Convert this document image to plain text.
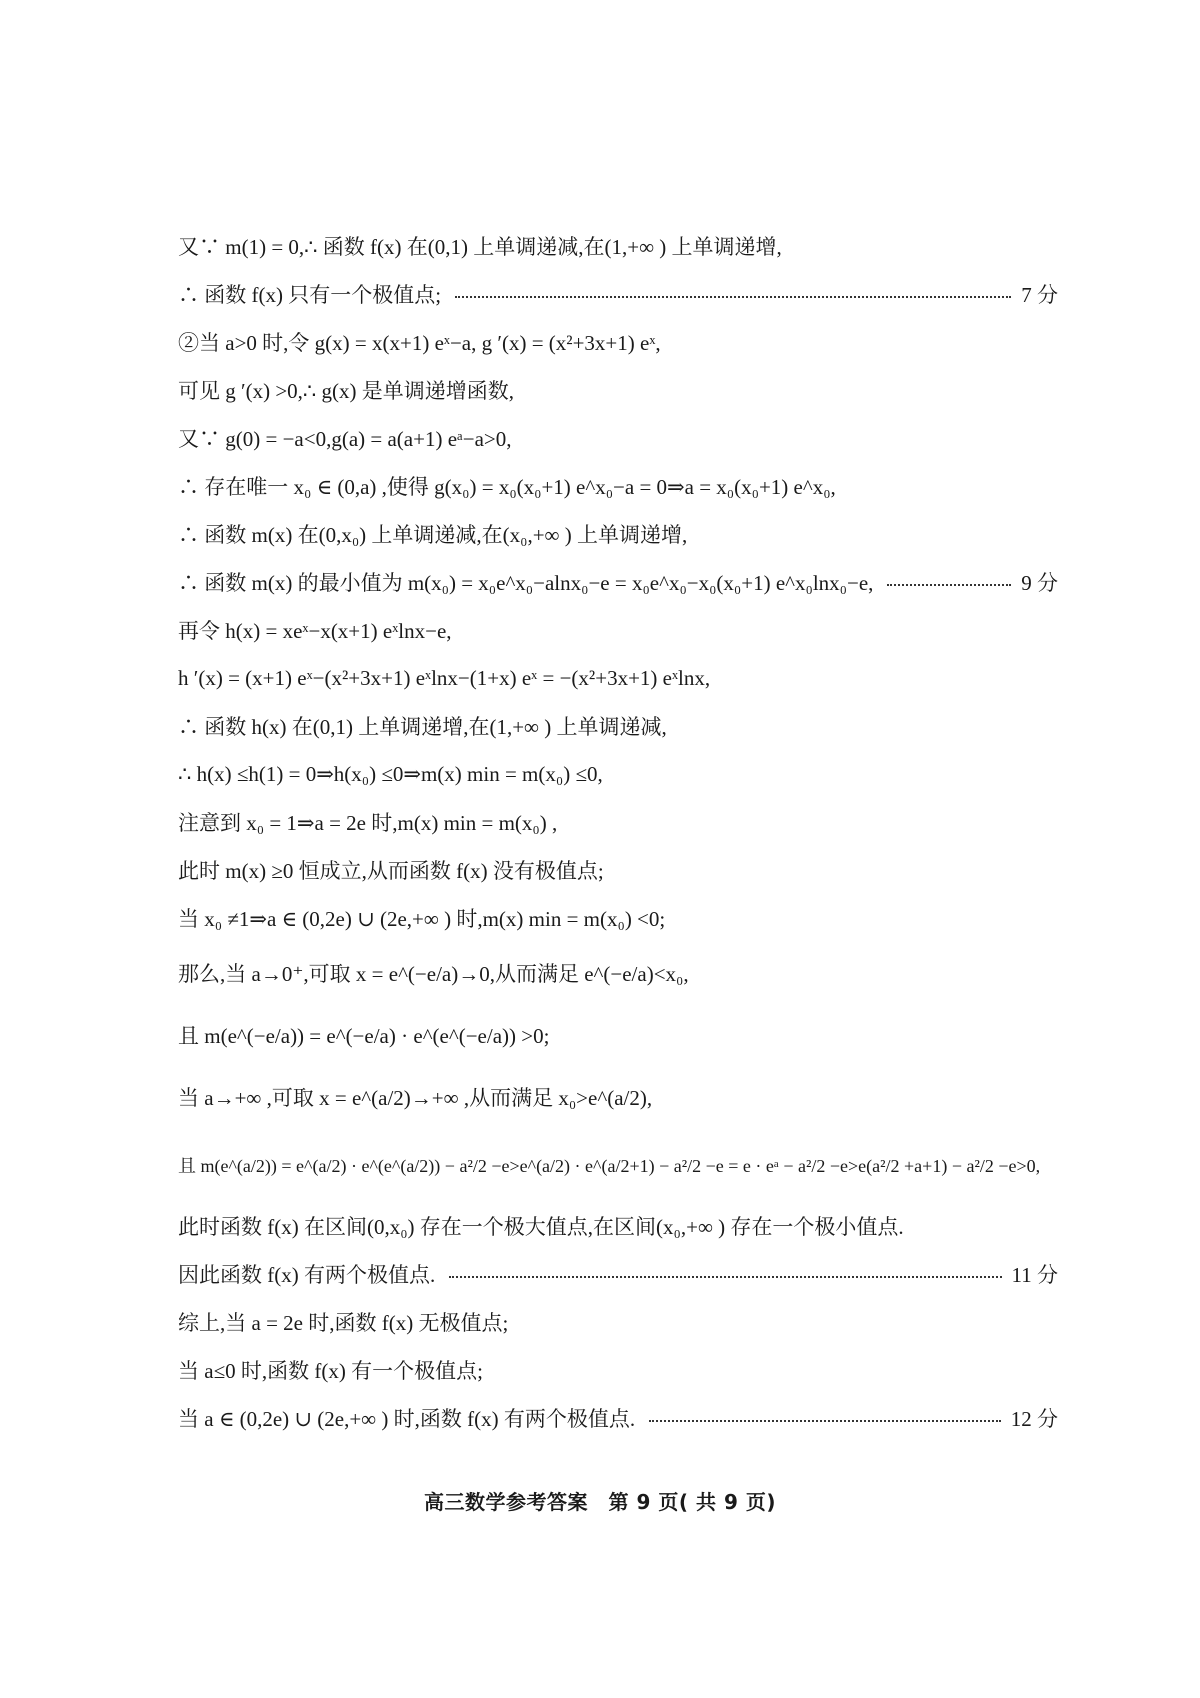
又∵ m(1) = 0,∴ 函数 f(x) 在(0,1) 上单调递减,在(1,+∞ ) 上单调递增,
∴ 函数 f(x) 只有一个极值点;	7 分
②当 a>0 时,令 g(x) = x(x+1) eˣ−a, g ′(x) = (x²+3x+1) eˣ,
可见 g ′(x) >0,∴ g(x) 是单调递增函数,
又∵ g(0) = −a<0,g(a) = a(a+1) eᵃ−a>0,
∴ 存在唯一 x₀ ∈ (0,a) ,使得 g(x₀) = x₀(x₀+1) e^x₀−a = 0⇒a = x₀(x₀+1) e^x₀,
∴ 函数 m(x) 在(0,x₀) 上单调递减,在(x₀,+∞ ) 上单调递增,
∴ 函数 m(x) 的最小值为 m(x₀) = x₀e^x₀−alnx₀−e = x₀e^x₀−x₀(x₀+1) e^x₀lnx₀−e,	9 分
再令 h(x) = xeˣ−x(x+1) eˣlnx−e,
h ′(x) = (x+1) eˣ−(x²+3x+1) eˣlnx−(1+x) eˣ = −(x²+3x+1) eˣlnx,
∴ 函数 h(x) 在(0,1) 上单调递增,在(1,+∞ ) 上单调递减,
∴ h(x) ≤h(1) = 0⇒h(x₀) ≤0⇒m(x) min = m(x₀) ≤0,
注意到 x₀ = 1⇒a = 2e 时,m(x) min = m(x₀) ,
此时 m(x) ≥0 恒成立,从而函数 f(x) 没有极值点;
当 x₀ ≠1⇒a ∈ (0,2e) ∪ (2e,+∞ ) 时,m(x) min = m(x₀) <0;
那么,当 a→0⁺,可取 x = e^(−e/a)→0,从而满足 e^(−e/a)<x₀,
且 m(e^(−e/a)) = e^(−e/a) · e^(e^(−e/a)) >0;
当 a→+∞ ,可取 x = e^(a/2)→+∞ ,从而满足 x₀>e^(a/2),
且 m(e^(a/2)) = e^(a/2) · e^(e^(a/2)) − a²/2 −e>e^(a/2) · e^(a/2+1) − a²/2 −e = e · eᵃ − a²/2 −e>e(a²/2 +a+1) − a²/2 −e>0,
此时函数 f(x) 在区间(0,x₀) 存在一个极大值点,在区间(x₀,+∞ ) 存在一个极小值点.
因此函数 f(x) 有两个极值点.	11 分
综上,当 a = 2e 时,函数 f(x) 无极值点;
当 a≤0 时,函数 f(x) 有一个极值点;
当 a ∈ (0,2e) ∪ (2e,+∞ ) 时,函数 f(x) 有两个极值点.	12 分
高三数学参考答案　第 9 页( 共 9 页)
